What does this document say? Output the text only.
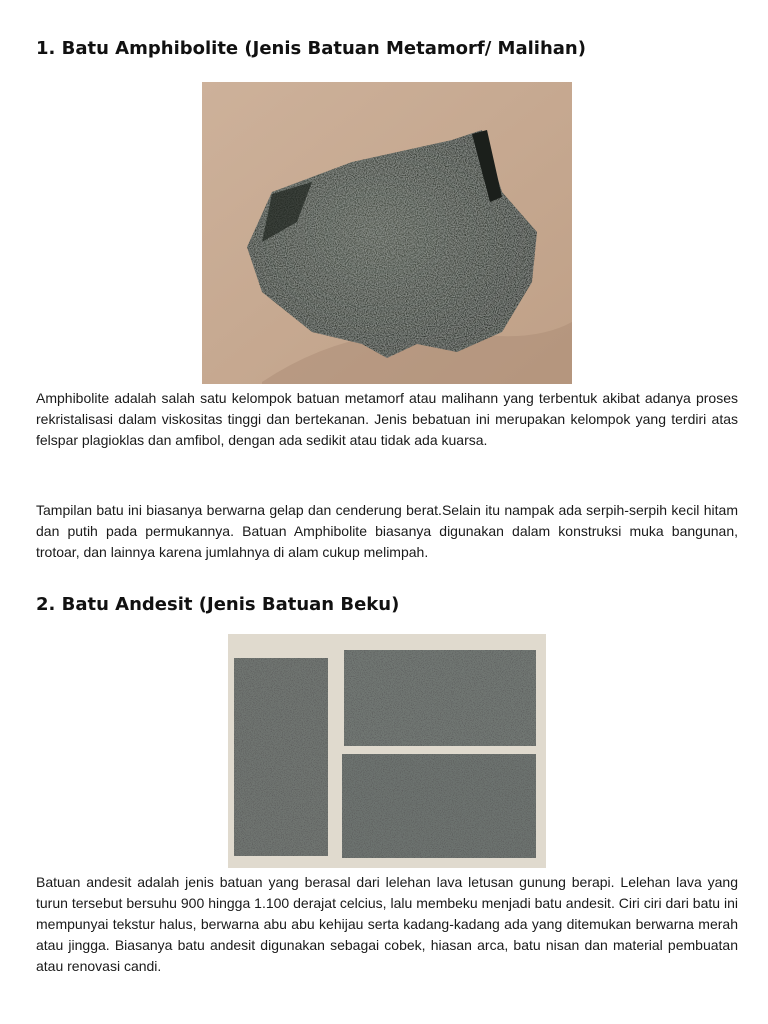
1. Batu Amphibolite (Jenis Batuan Metamorf/ Malihan)

Amphibolite adalah salah satu kelompok batuan metamorf atau malihann yang terbentuk akibat adanya proses rekristalisasi dalam viskositas tinggi dan bertekanan. Jenis bebatuan ini merupakan kelompok yang terdiri atas felspar plagioklas dan amfibol, dengan ada sedikit atau tidak ada kuarsa.

Tampilan batu ini biasanya berwarna gelap dan cenderung berat.Selain itu nampak ada serpih-serpih kecil hitam dan putih pada permukannya. Batuan Amphibolite biasanya digunakan dalam konstruksi muka bangunan, trotoar, dan lainnya karena jumlahnya di alam cukup melimpah.

2. Batu Andesit (Jenis Batuan Beku)

Batuan andesit adalah jenis batuan yang berasal dari lelehan lava letusan gunung berapi. Lelehan lava yang turun tersebut bersuhu 900 hingga 1.100 derajat celcius, lalu membeku menjadi batu andesit. Ciri ciri dari batu ini mempunyai tekstur halus, berwarna abu abu kehijau serta kadang-kadang ada yang ditemukan berwarna merah atau jingga. Biasanya batu andesit digunakan sebagai cobek, hiasan arca, batu nisan dan material pembuatan atau renovasi candi.
